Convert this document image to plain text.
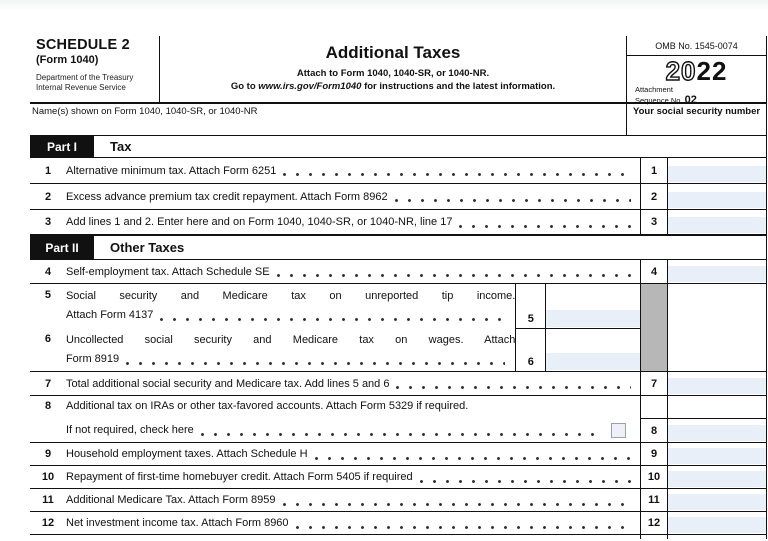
SCHEDULE 2
(Form 1040)
Department of the Treasury
Internal Revenue Service
Additional Taxes
Attach to Form 1040, 1040-SR, or 1040-NR.
Go to www.irs.gov/Form1040 for instructions and the latest information.
OMB No. 1545-0074
2022
Attachment
Sequence No. 02
Name(s) shown on Form 1040, 1040-SR, or 1040-NR	Your social security number
Part I	Tax
1	Alternative minimum tax. Attach Form 6251	1
2	Excess advance premium tax credit repayment. Attach Form 8962	2
3	Add lines 1 and 2. Enter here and on Form 1040, 1040-SR, or 1040-NR, line 17	3
Part II	Other Taxes
4	Self-employment tax. Attach Schedule SE	4
5	Social security and Medicare tax on unreported tip income.
Attach Form 4137	5
6	Uncollected social security and Medicare tax on wages. Attach
Form 8919	6
7	Total additional social security and Medicare tax. Add lines 5 and 6	7
8	Additional tax on IRAs or other tax-favored accounts. Attach Form 5329 if required.
If not required, check here	8
9	Household employment taxes. Attach Schedule H	9
10	Repayment of first-time homebuyer credit. Attach Form 5405 if required	10
11	Additional Medicare Tax. Attach Form 8959	11
12	Net investment income tax. Attach Form 8960	12
